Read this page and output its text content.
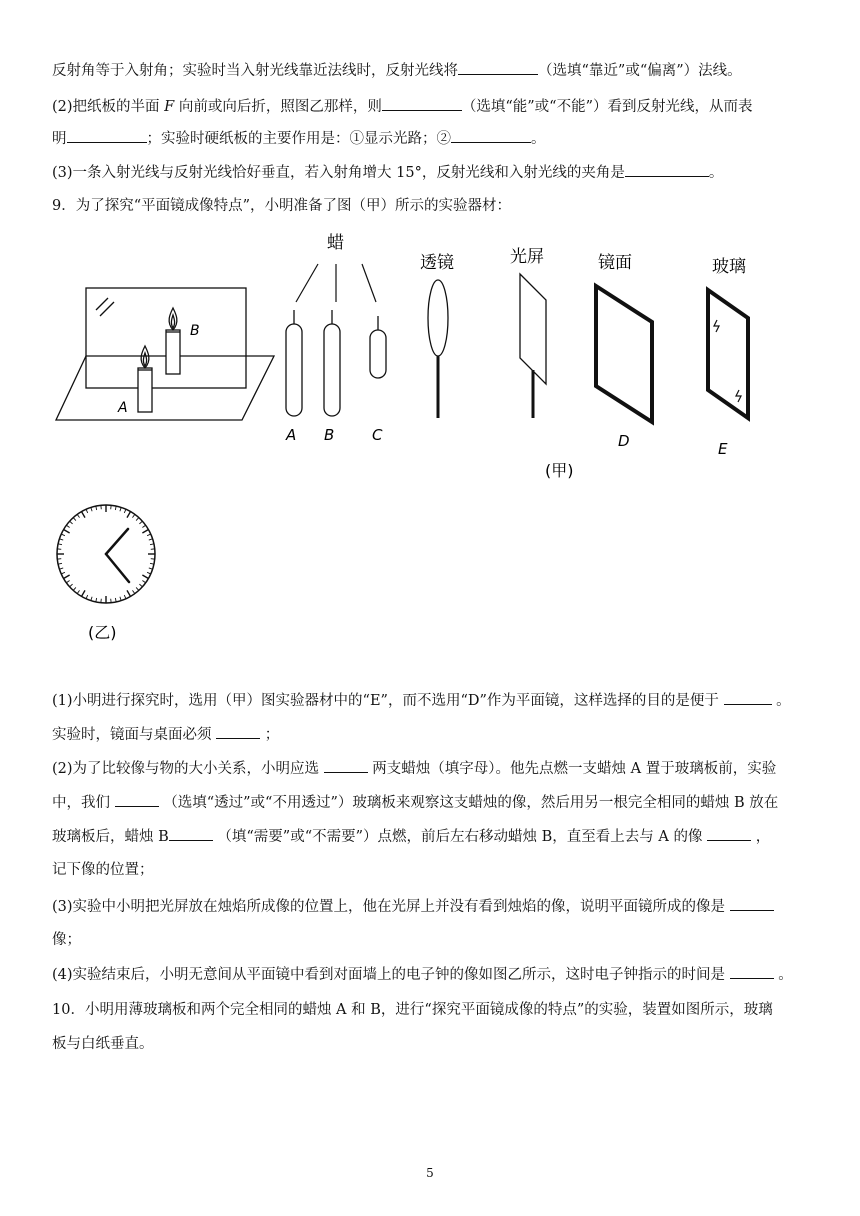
反射角等于入射角；实验时当入射光线靠近法线时，反射光线将	（选填“靠近”或“偏离”）法线。
(2)把纸板的半面 F 向前或向后折，照图乙那样，则	（选填“能”或“不能”）看到反射光线，从而表
明	；实验时硬纸板的主要作用是：①显示光路；②	。
(3)一条入射光线与反射光线恰好垂直，若入射角增大 15°，反射光线和入射光线的夹角是	。
9．为了探究“平面镜成像特点”，小明准备了图（甲）所示的实验器材：
B
A
蜡
A B	C
透镜	光屏	镜面
D
玻璃
E
(甲)
(乙)
(1)小明进行探究时，选用（甲）图实验器材中的“E”，而不选用“D”作为平面镜，这样选择的目的是便于	。
实验时，镜面与桌面必须	；
(2)为了比较像与物的大小关系，小明应选	两支蜡烛（填字母）。他先点燃一支蜡烛 A 置于玻璃板前，实验
中，我们	（选填“透过”或“不用透过”）玻璃板来观察这支蜡烛的像，然后用另一根完全相同的蜡烛 B 放在
玻璃板后，蜡烛 B	（填“需要”或“不需要”）点燃，前后左右移动蜡烛 B，直至看上去与 A 的像	，
记下像的位置；
(3)实验中小明把光屏放在烛焰所成像的位置上，他在光屏上并没有看到烛焰的像，说明平面镜所成的像是
像；
(4)实验结束后，小明无意间从平面镜中看到对面墙上的电子钟的像如图乙所示，这时电子钟指示的时间是	。
10．小明用薄玻璃板和两个完全相同的蜡烛 A 和 B，进行“探究平面镜成像的特点”的实验，装置如图所示，玻璃
板与白纸垂直。
5
